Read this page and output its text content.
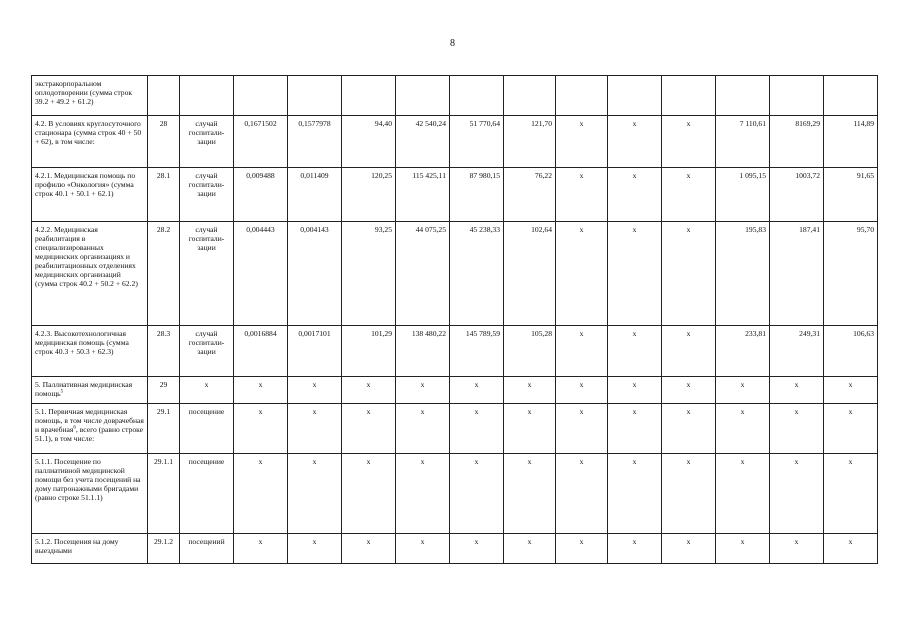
8
экстракорпоральном оплодотворении (сумма строк 39.2 + 49.2 + 61.2)														
4.2. В условиях круглосуточного стационара (сумма строк 40 + 50 + 62), в том числе:	28	случай госпитали-зации	0,1671502	0,1577978	94,40	42 540,24	51 770,64	121,70	x	x	x	7 110,61	8169,29	114,89
4.2.1. Медицинская помощь по профилю «Онкология» (сумма строк 40.1 + 50.1 + 62.1)	28.1	случай госпитали-зации	0,009488	0,011409	120,25	115 425,11	87 980,15	76,22	x	x	x	1 095,15	1003,72	91,65
4.2.2. Медицинская реабилитация в специализированных медицинских организациях и реабилитационных отделениях медицинских организаций (сумма строк 40.2 + 50.2 + 62.2)	28.2	случай госпитали-зации	0,004443	0,004143	93,25	44 075,25	45 238,33	102,64	x	x	x	195,83	187,41	95,70
4.2.3. Высокотехнологичная медицинская помощь (сумма строк 40.3 + 50.3 + 62.3)	28.3	случай госпитали-зации	0,0016884	0,0017101	101,29	138 480,22	145 789,59	105,28	x	x	x	233,81	249,31	106,63
5. Паллиативная медицинская помощь$^5$	29	x	x	x	x	x	x	x	x	x	x	x	x	x
5.1. Первичная медицинская помощь, в том числе доврачебная и врачебная$^6$, всего (равно строке 51.1), в том числе:	29.1	посещение	x	x	x	x	x	x	x	x	x	x	x	x
5.1.1. Посещение по паллиативной медицинской помощи без учета посещений на дому патронажными бригадами (равно строке 51.1.1)	29.1.1	посещение	x	x	x	x	x	x	x	x	x	x	x	x
5.1.2. Посещения на дому выездными	29.1.2	посещений	x	x	x	x	x	x	x	x	x	x	x	x
